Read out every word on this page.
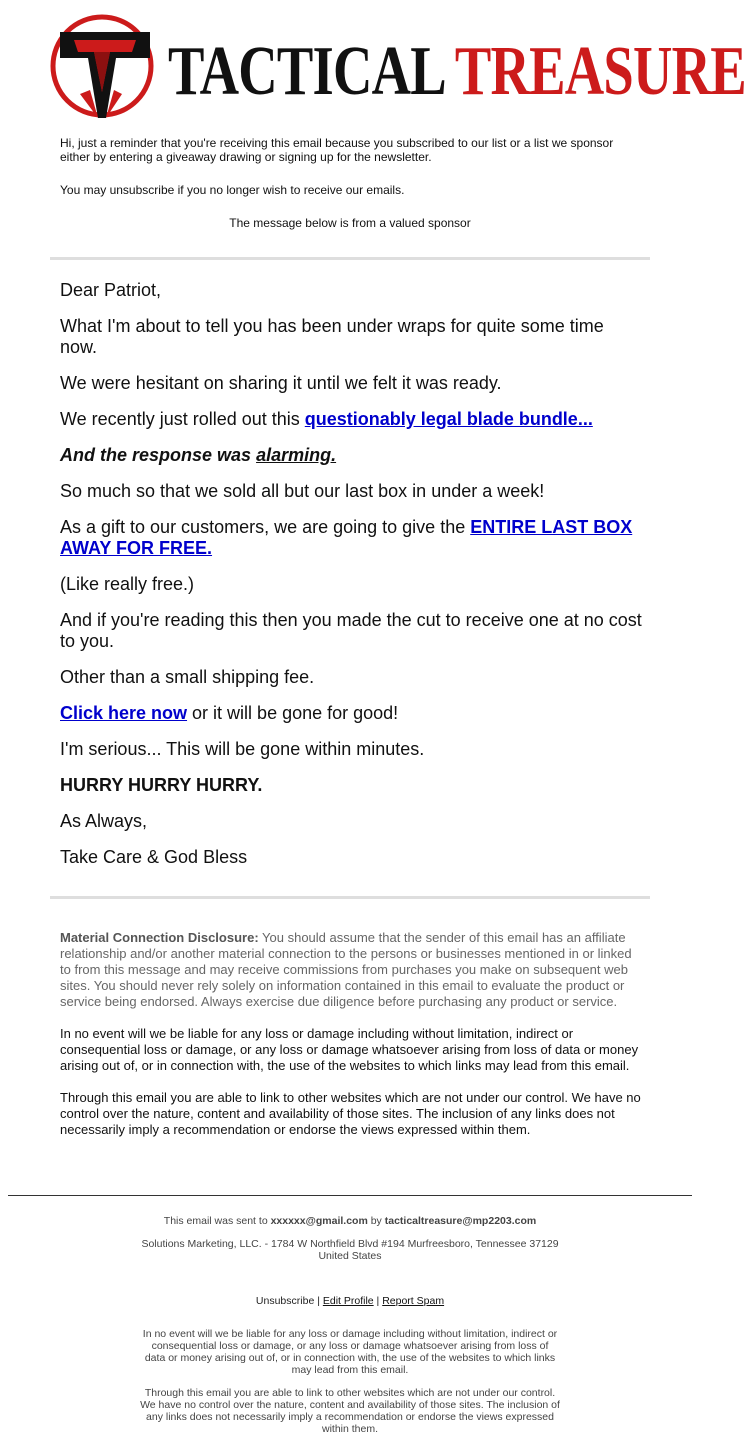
TACTICAL TREASURE

Hi, just a reminder that you're receiving this email because you subscribed to our list or a list we sponsor either by entering a giveaway drawing or signing up for the newsletter.

You may unsubscribe if you no longer wish to receive our emails.

The message below is from a valued sponsor

Dear Patriot,

What I'm about to tell you has been under wraps for quite some time now.

We were hesitant on sharing it until we felt it was ready.

We recently just rolled out this questionably legal blade bundle...

And the response was alarming.

So much so that we sold all but our last box in under a week!

As a gift to our customers, we are going to give the ENTIRE LAST BOX AWAY FOR FREE.

(Like really free.)

And if you're reading this then you made the cut to receive one at no cost to you.

Other than a small shipping fee.

Click here now or it will be gone for good!

I'm serious... This will be gone within minutes.

HURRY HURRY HURRY.

As Always,

Take Care & God Bless

Material Connection Disclosure: You should assume that the sender of this email has an affiliate relationship and/or another material connection to the persons or businesses mentioned in or linked to from this message and may receive commissions from purchases you make on subsequent web sites. You should never rely solely on information contained in this email to evaluate the product or service being endorsed. Always exercise due diligence before purchasing any product or service.

In no event will we be liable for any loss or damage including without limitation, indirect or consequential loss or damage, or any loss or damage whatsoever arising from loss of data or money arising out of, or in connection with, the use of the websites to which links may lead from this email.

Through this email you are able to link to other websites which are not under our control. We have no control over the nature, content and availability of those sites. The inclusion of any links does not necessarily imply a recommendation or endorse the views expressed within them.

This email was sent to xxxxxx@gmail.com by tacticaltreasure@mp2203.com

Solutions Marketing, LLC. - 1784 W Northfield Blvd #194 Murfreesboro, Tennessee 37129 United States

Unsubscribe | Edit Profile | Report Spam

In no event will we be liable for any loss or damage including without limitation, indirect or consequential loss or damage, or any loss or damage whatsoever arising from loss of data or money arising out of, or in connection with, the use of the websites to which links may lead from this email.

Through this email you are able to link to other websites which are not under our control. We have no control over the nature, content and availability of those sites. The inclusion of any links does not necessarily imply a recommendation or endorse the views expressed within them.
